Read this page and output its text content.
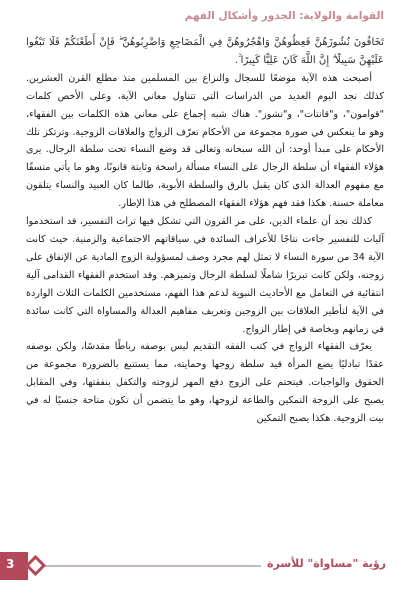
القوامة والولاية: الجذور وأشكال الفهم

تَخَافُونَ نُشُوزَهُنَّ فَعِظُوهُنَّ وَاهْجُرُوهُنَّ فِي الْمَضَاجِعِ وَاضْرِبُوهُنَّ ۖ فَإِنْ أَطَعْنَكُمْ فَلَا تَبْغُوا عَلَيْهِنَّ سَبِيلًا ۗ إِنَّ اللَّهَ كَانَ عَلِيًّا كَبِيرًا ۚ.

أصبحت هذه الآية موضعًا للسجال والنزاع بين المسلمين منذ مطلع القرن العشرين. كذلك نجد اليوم العديد من الدراسات التي تتناول معاني الآية، وعلى الأخص كلمات "قوامون"، و"قانتات"، و"نشوز". هناك شبه إجماع على معاني هذه الكلمات بين الفقهاء، وهو ما ينعكس في صورة مجموعة من الأحكام تعرّف الزواج والعلاقات الزوجية. وترتكز تلك الأحكام على مبدأ أوحد: أن الله سبحانه وتعالى قد وضع النساء تحت سلطة الرجال. يرى هؤلاء الفقهاء أن سلطة الرجال على النساء مسألة راسخة وثابتة قانونًا، وهو ما يأتي متسقًا مع مفهوم العدالة الذي كان يقبل بالرق والسلطة الأبوية، طالما كان العبيد والنساء يتلقون معاملة حسنة. هكذا فقد فهم هؤلاء الفقهاء المصطلح في هذا الإطار.

كذلك نجد أن علماء الدين، على مر القرون التي تشكل فيها تراث التفسير، قد استخدموا آليات للتفسير جاءت نتاجًا للأعراف السائدة في سياقاتهم الاجتماعية والزمنية. حيث كانت الآية 34 من سورة النساء لا تمثل لهم مجرد وصف لمسؤولية الزوج المادية عن الإنفاق على زوجته، ولكن كانت تبريرًا شاملًا لسلطة الرجال وتميزهم. وقد استخدم الفقهاء القدامى آلية انتقائية في التعامل مع الأحاديث النبوية لدعم هذا الفهم، مستخدمين الكلمات الثلاث الواردة في الآية لتأطير العلاقات بين الزوجين وتعريف مفاهيم العدالة والمساواة التي كانت سائدة في زمانهم وبخاصة في إطار الزواج.

يعرّف الفقهاء الزواج في كتب الفقه التقديم ليس بوصفه رباطًا مقدسًا، ولكن بوصفه عقدًا تبادليًا يضع المرأة قيد سلطة زوجها وحمايته، مما يستتبع بالضرورة مجموعة من الحقوق والواجبات. فيتحتم على الزوج دفع المهر لزوجته والتكفل بنفقتها، وفي المقابل يصبح على الزوجة التمكين والطاعة لزوجها، وهو ما يتضمن أن تكون متاحة جنسيًا له في بيت الزوجية. هكذا يصبح التمكين

3	رؤية "مساواة" للأسرة
